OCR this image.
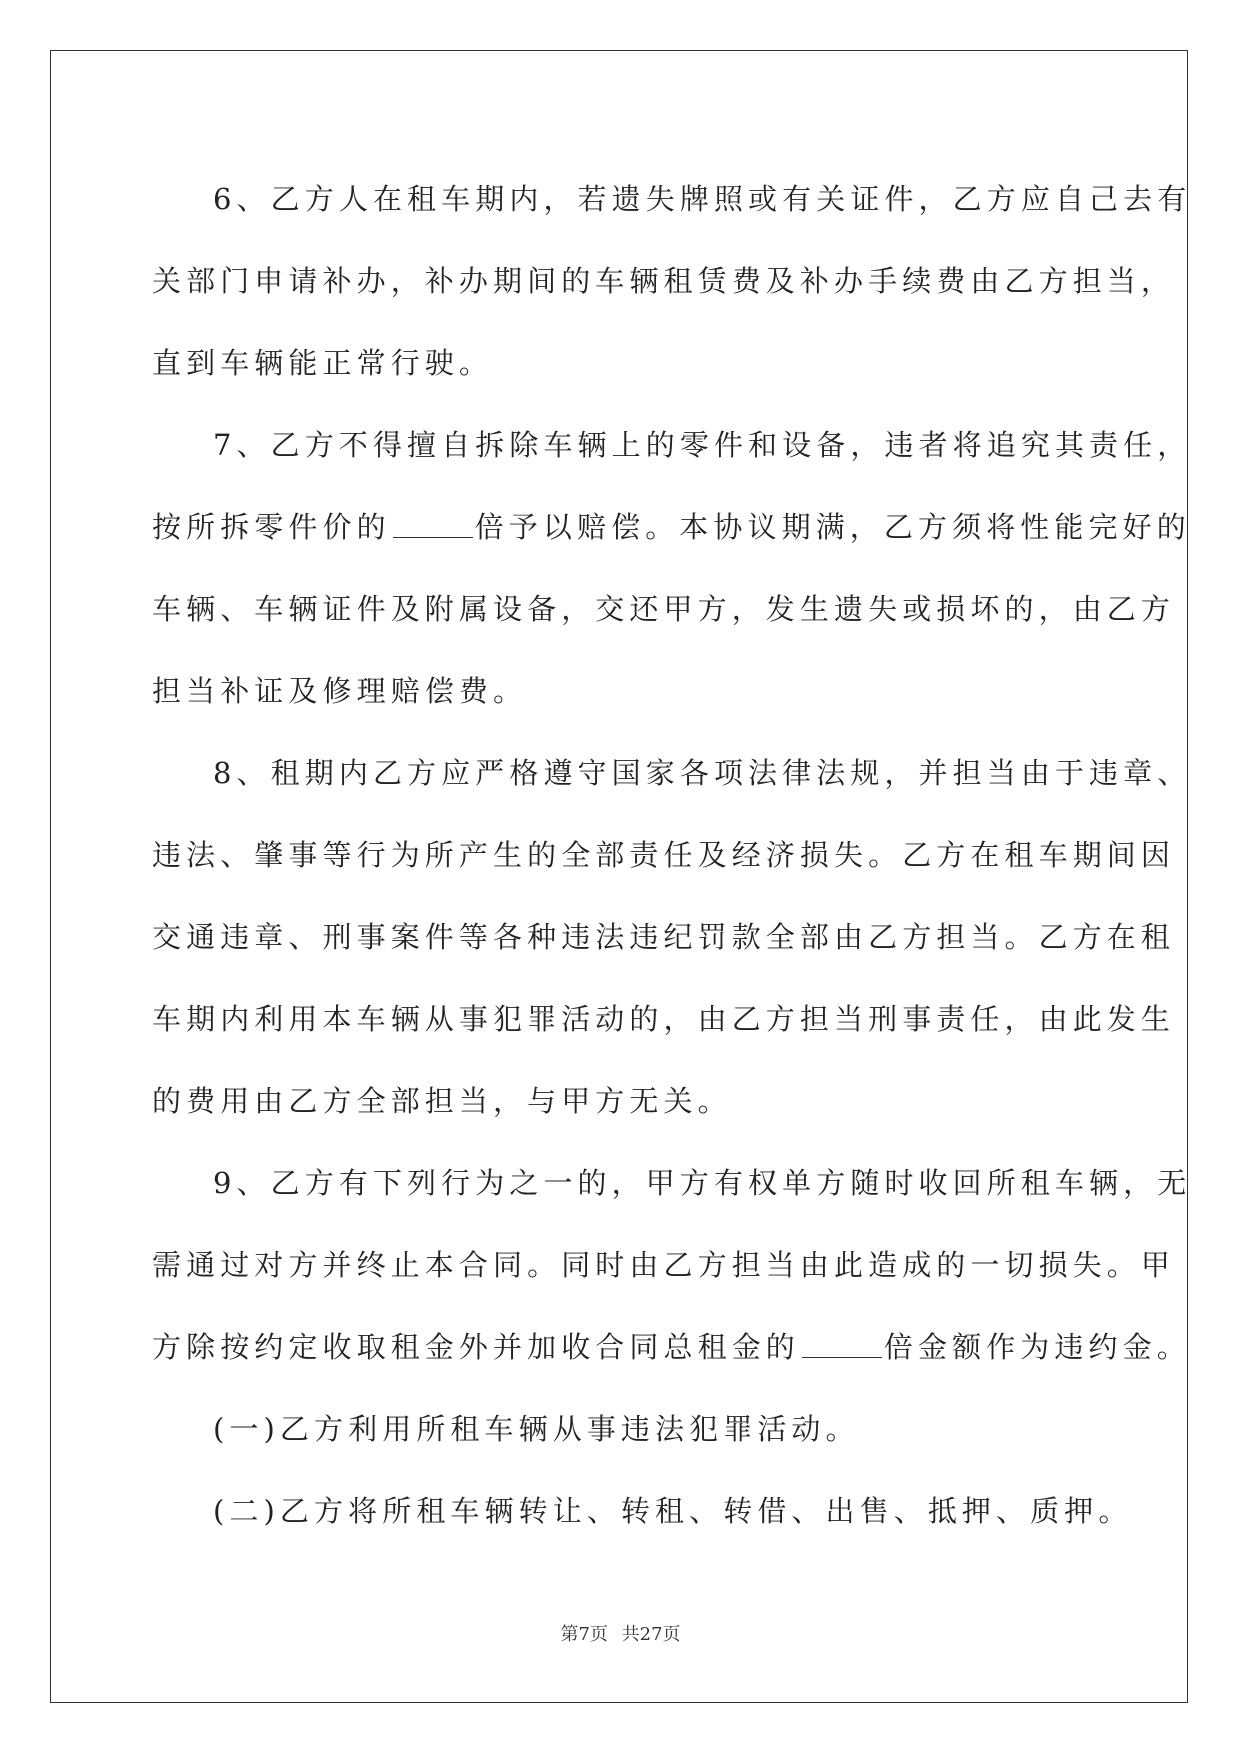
6、乙方人在租车期内，若遗失牌照或有关证件，乙方应自己去有
关部门申请补办，补办期间的车辆租赁费及补办手续费由乙方担当，
直到车辆能正常行驶。
7、乙方不得擅自拆除车辆上的零件和设备，违者将追究其责任，
按所拆零件价的	倍予以赔偿。本协议期满，乙方须将性能完好的
车辆、车辆证件及附属设备，交还甲方，发生遗失或损坏的，由乙方
担当补证及修理赔偿费。
8、租期内乙方应严格遵守国家各项法律法规，并担当由于违章、
违法、肇事等行为所产生的全部责任及经济损失。乙方在租车期间因
交通违章、刑事案件等各种违法违纪罚款全部由乙方担当。乙方在租
车期内利用本车辆从事犯罪活动的，由乙方担当刑事责任，由此发生
的费用由乙方全部担当，与甲方无关。
9、乙方有下列行为之一的，甲方有权单方随时收回所租车辆，无
需通过对方并终止本合同。同时由乙方担当由此造成的一切损失。甲
方除按约定收取租金外并加收合同总租金的	倍金额作为违约金。
(一)乙方利用所租车辆从事违法犯罪活动。
(二)乙方将所租车辆转让、转租、转借、出售、抵押、质押。
第7页 共27页
